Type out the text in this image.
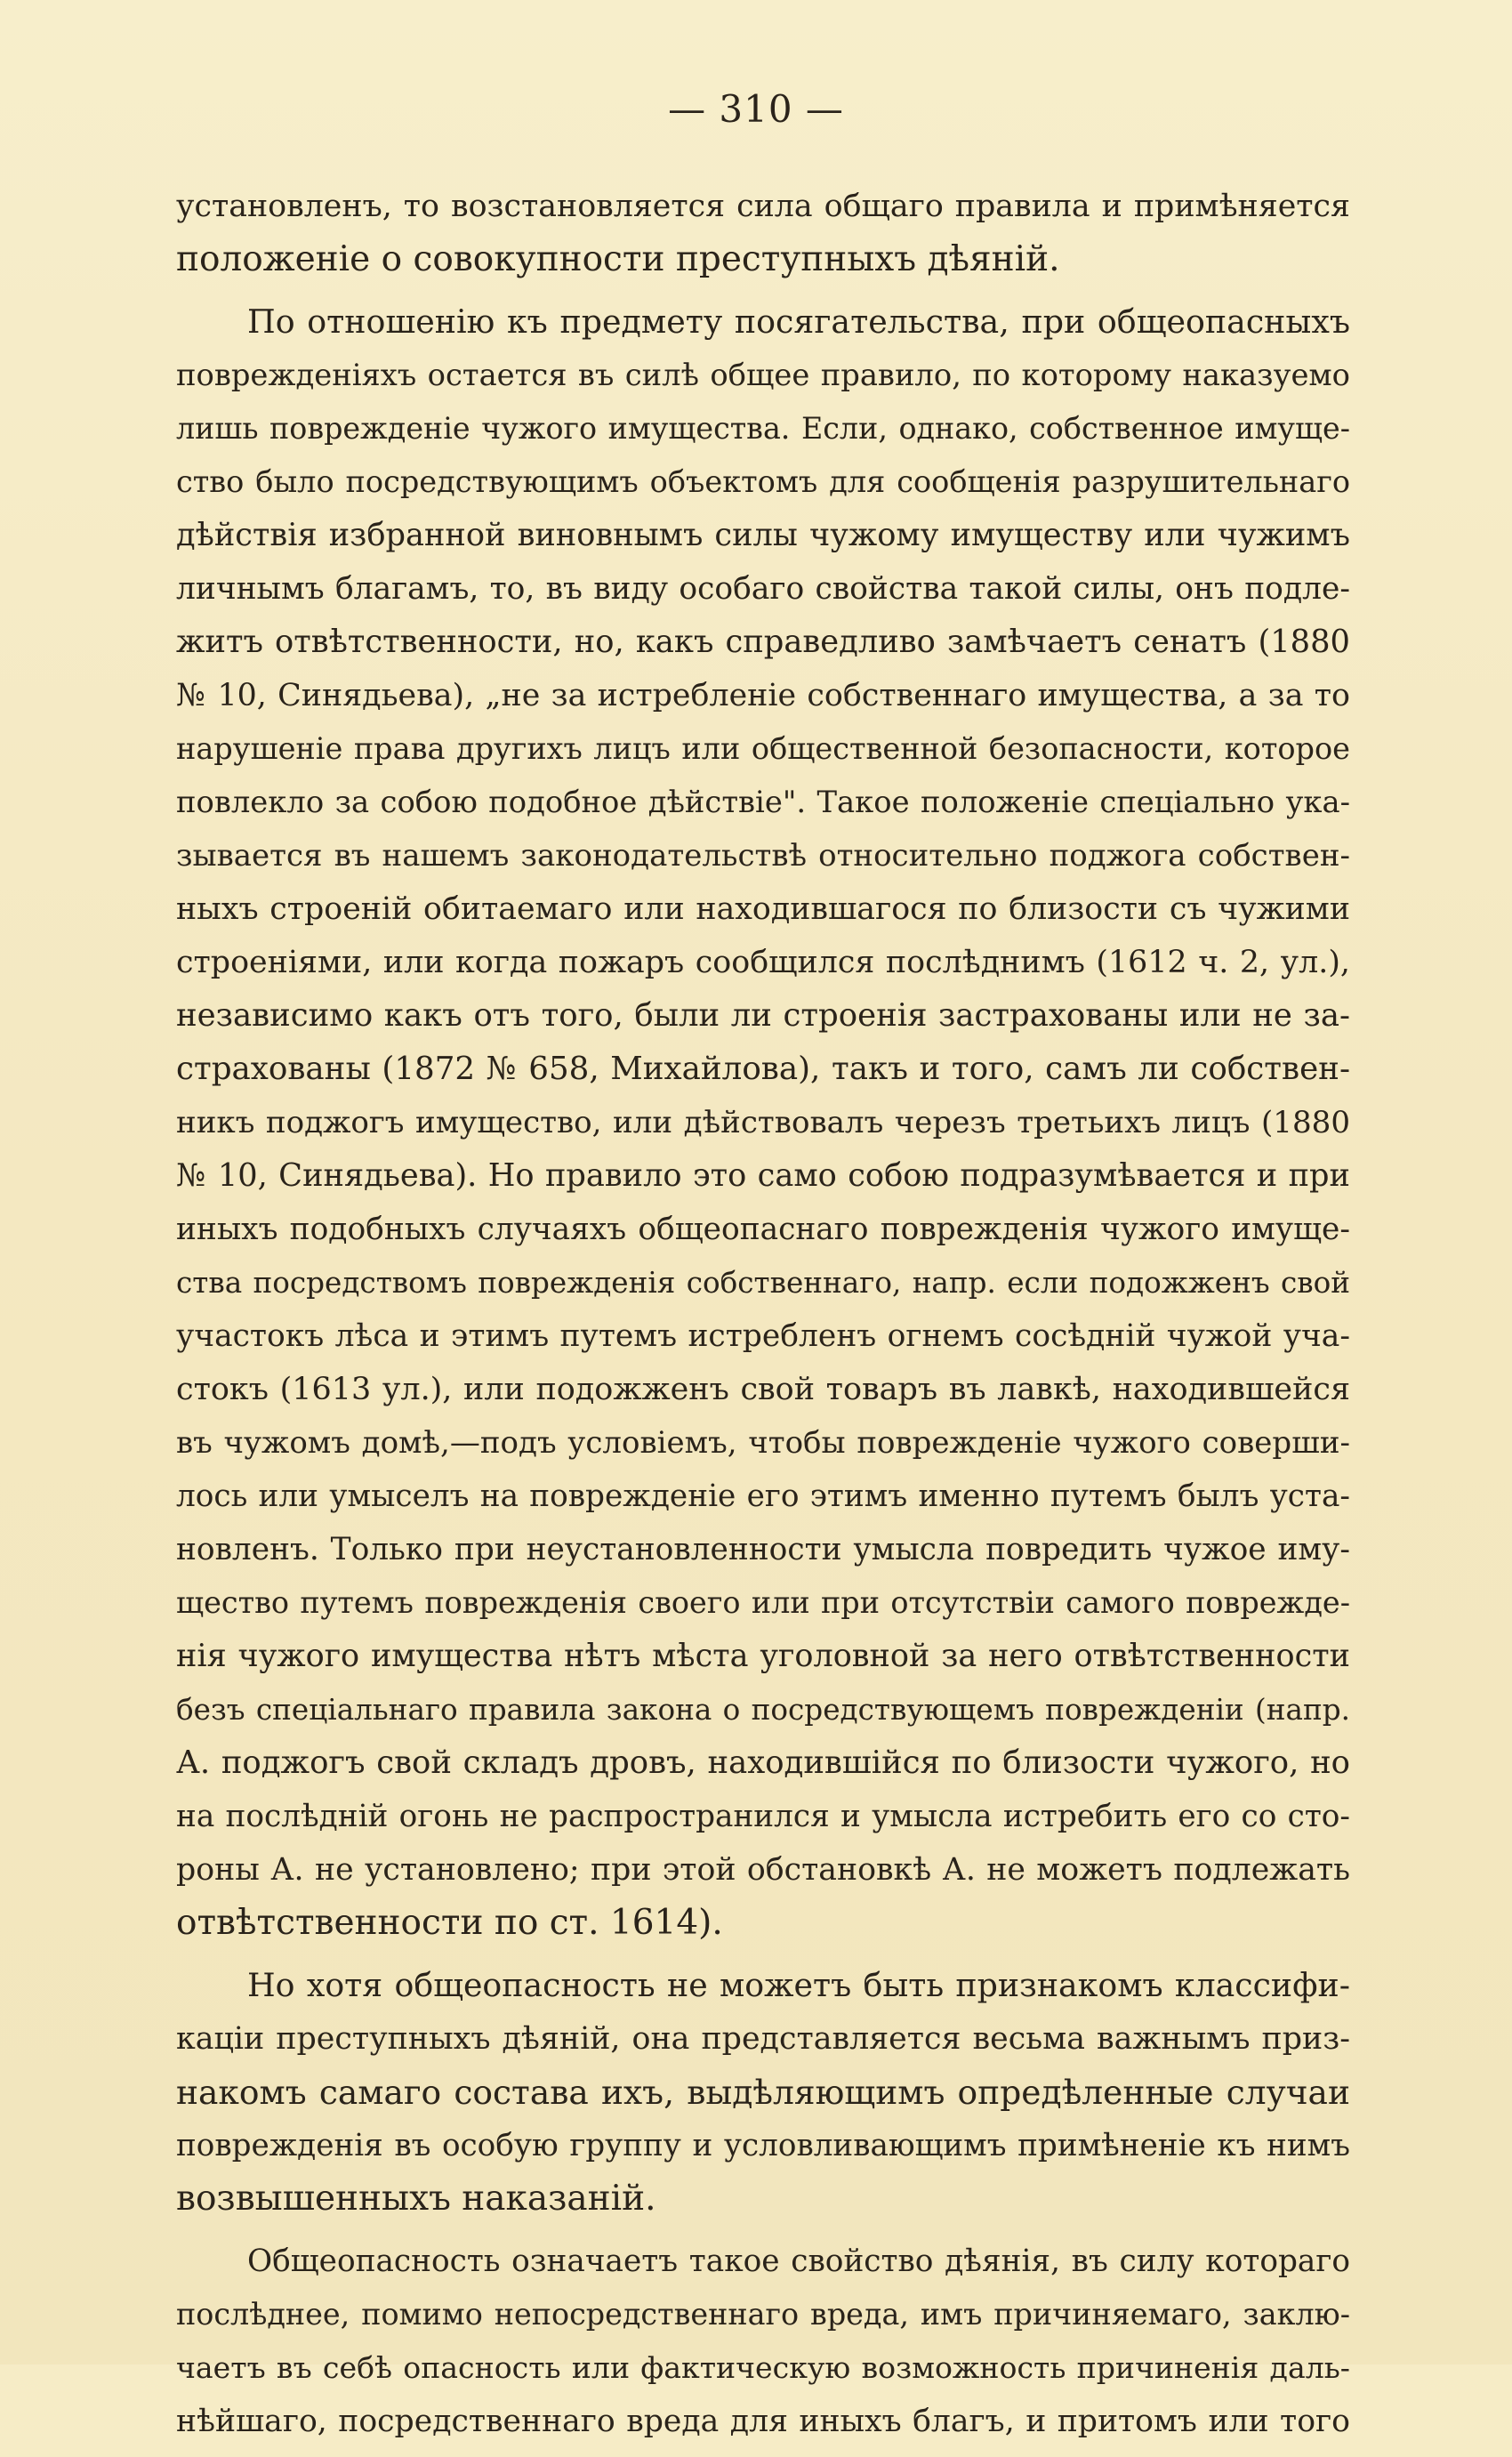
— 310 —
установленъ, то возстановляется сила общаго правила и примѣняется
положеніе о совокупности преступныхъ дѣяній.
По отношенію къ предмету посягательства, при общеопасныхъ
поврежденіяхъ остается въ силѣ общее правило, по которому наказуемо
лишь поврежденіе чужого имущества. Если, однако, собственное имуще-
ство было посредствующимъ объектомъ для сообщенія разрушительнаго
дѣйствія избранной виновнымъ силы чужому имуществу или чужимъ
личнымъ благамъ, то, въ виду особаго свойства такой силы, онъ подле-
житъ отвѣтственности, но, какъ справедливо замѣчаетъ сенатъ (1880
№ 10, Синядьева), „не за истребленіе собственнаго имущества, а за то
нарушеніе права другихъ лицъ или общественной безопасности, которое
повлекло за собою подобное дѣйствіе". Такое положеніе спеціально ука-
зывается въ нашемъ законодательствѣ относительно поджога собствен-
ныхъ строеній обитаемаго или находившагося по близости съ чужими
строеніями, или когда пожаръ сообщился послѣднимъ (1612 ч. 2, ул.),
независимо какъ отъ того, были ли строенія застрахованы или не за-
страхованы (1872 № 658, Михайлова), такъ и того, самъ ли собствен-
никъ поджогъ имущество, или дѣйствовалъ черезъ третьихъ лицъ (1880
№ 10, Синядьева). Но правило это само собою подразумѣвается и при
иныхъ подобныхъ случаяхъ общеопаснаго поврежденія чужого имуще-
ства посредствомъ поврежденія собственнаго, напр. если подожженъ свой
участокъ лѣса и этимъ путемъ истребленъ огнемъ сосѣдній чужой уча-
стокъ (1613 ул.), или подожженъ свой товаръ въ лавкѣ, находившейся
въ чужомъ домѣ,—подъ условіемъ, чтобы поврежденіе чужого соверши-
лось или умыселъ на поврежденіе его этимъ именно путемъ былъ уста-
новленъ. Только при неустановленности умысла повредить чужое иму-
щество путемъ поврежденія своего или при отсутствіи самого поврежде-
нія чужого имущества нѣтъ мѣста уголовной за него отвѣтственности
безъ спеціальнаго правила закона о посредствующемъ поврежденіи (напр.
А. поджогъ свой складъ дровъ, находившійся по близости чужого, но
на послѣдній огонь не распространился и умысла истребить его со сто-
роны А. не установлено; при этой обстановкѣ А. не можетъ подлежать
отвѣтственности по ст. 1614).
Но хотя общеопасность не можетъ быть признакомъ классифи-
каціи преступныхъ дѣяній, она представляется весьма важнымъ приз-
накомъ самаго состава ихъ, выдѣляющимъ опредѣленные случаи
поврежденія въ особую группу и условливающимъ примѣненіе къ нимъ
возвышенныхъ наказаній.
Общеопасность означаетъ такое свойство дѣянія, въ силу котораго
послѣднее, помимо непосредственнаго вреда, имъ причиняемаго, заклю-
чаетъ въ себѣ опасность или фактическую возможность причиненія даль-
нѣйшаго, посредственнаго вреда для иныхъ благъ, и притомъ или того
